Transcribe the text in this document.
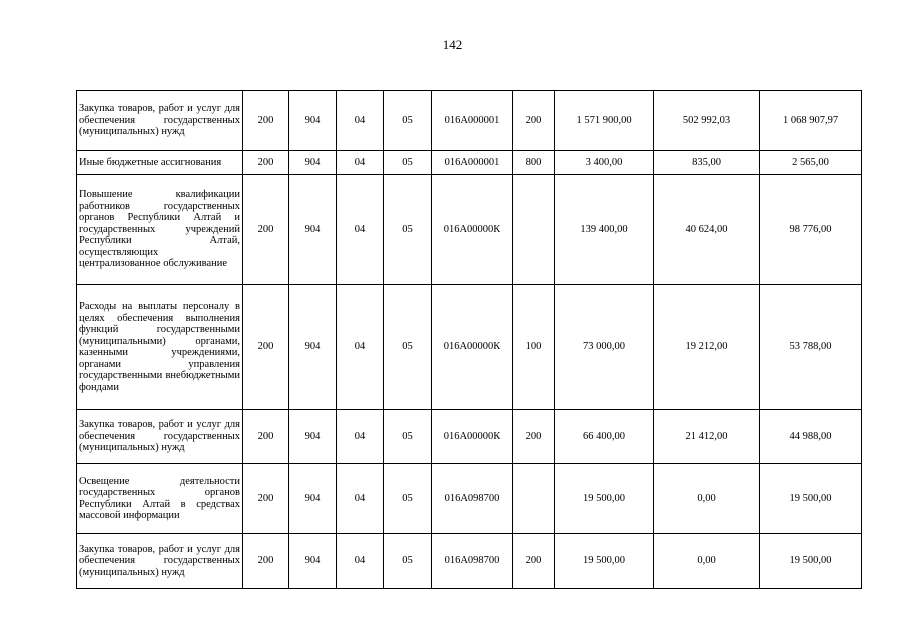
142
Закупка товаров, работ и услуг для обеспечения государственных (муниципальных) нужд	200	904	04	05	016A000001	200	1 571 900,00	502 992,03	1 068 907,97
Иные бюджетные ассигнования	200	904	04	05	016A000001	800	3 400,00	835,00	2 565,00
Повышение квалификации работников государственных органов Республики Алтай и государственных учреждений Республики Алтай, осуществляющих централизованное обслуживание	200	904	04	05	016A00000К		139 400,00	40 624,00	98 776,00
Расходы на выплаты персоналу в целях обеспечения выполнения функций государственными (муниципальными) органами, казенными учреждениями, органами управления государственными внебюджетными фондами	200	904	04	05	016A00000К	100	73 000,00	19 212,00	53 788,00
Закупка товаров, работ и услуг для обеспечения государственных (муниципальных) нужд	200	904	04	05	016A00000К	200	66 400,00	21 412,00	44 988,00
Освещение деятельности государственных органов Республики Алтай в средствах массовой информации	200	904	04	05	016A098700		19 500,00	0,00	19 500,00
Закупка товаров, работ и услуг для обеспечения государственных (муниципальных) нужд	200	904	04	05	016A098700	200	19 500,00	0,00	19 500,00
